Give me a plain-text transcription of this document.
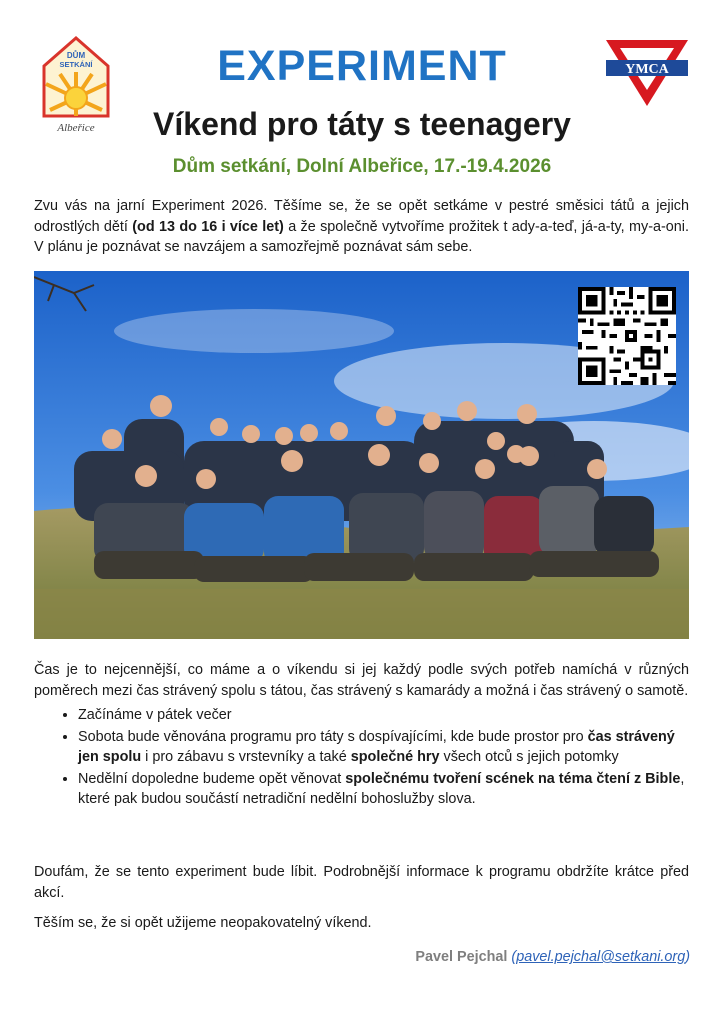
DŮM
SETKÁNÍ
Albeřice
YMCA
EXPERIMENT
Víkend pro táty s teenagery
Dům setkání, Dolní Albeřice, 17.-19.4.2026
Zvu vás na jarní Experiment 2026. Těšíme se, že se opět setkáme v pestré směsici tátů a jejich odrostlých dětí (od 13 do 16 i více let) a že společně vytvoříme prožitek t ady-a-teď, já-a-ty, my-a-oni. V plánu je poznávat se navzájem a samozřejmě poznávat sám sebe.

Čas je to nejcennější, co máme a o víkendu si jej každý podle svých potřeb namíchá v různých poměrech mezi čas strávený spolu s tátou, čas strávený s kamarády a možná i čas strávený o samotě.

• Začínáme v pátek večer
• Sobota bude věnována programu pro táty s dospívajícími, kde bude prostor pro čas strávený jen spolu i pro zábavu s vrstevníky a také společné hry všech otců s jejich potomky
• Nedělní dopoledne budeme opět věnovat společnému tvoření scének na téma čtení z Bible, které pak budou součástí netradiční nedělní bohoslužby slova.

Doufám, že se tento experiment bude líbit. Podrobnější informace k programu obdržíte krátce před akcí.

Těším se, že si opět užijeme neopakovatelný víkend.

Pavel Pejchal (pavel.pejchal@setkani.org)
